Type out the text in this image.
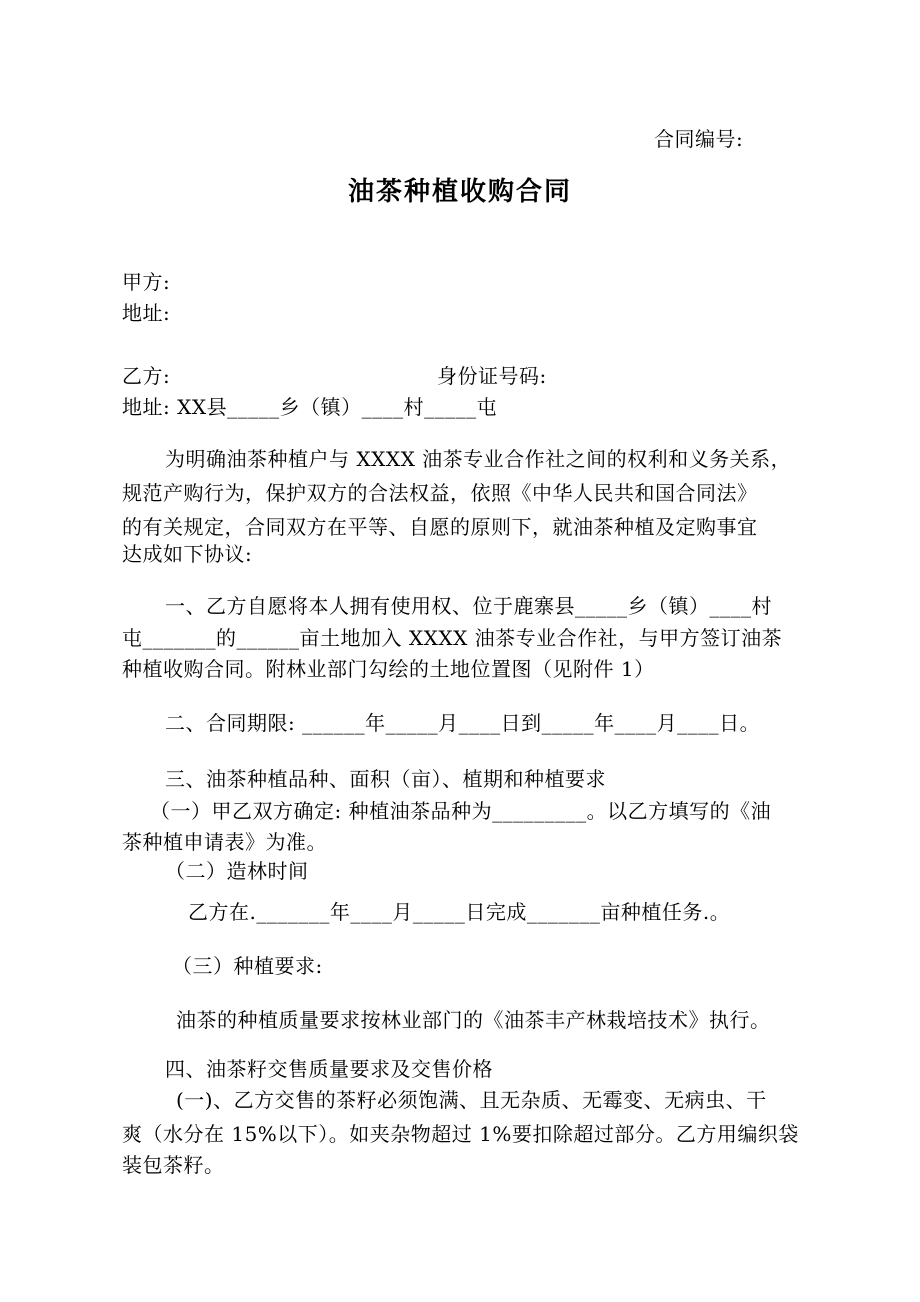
合同编号:
油茶种植收购合同
甲方:
地址:
乙方:	身份证号码:
地址: XX县_____乡（镇）____村_____屯
为明确油茶种植户与 XXXX 油茶专业合作社之间的权利和义务关系，
规范产购行为，保护双方的合法权益，依照《中华人民共和国合同法》
的有关规定，合同双方在平等、自愿的原则下，就油茶种植及定购事宜
达成如下协议:
一、乙方自愿将本人拥有使用权、位于鹿寨县_____乡（镇）____村
屯_______的______亩土地加入 XXXX 油茶专业合作社，与甲方签订油茶
种植收购合同。附林业部门勾绘的土地位置图（见附件 1）
二、合同期限: ______年_____月____日到_____年____月____日。
三、油茶种植品种、面积（亩）、植期和种植要求
（一）甲乙双方确定: 种植油茶品种为_________。以乙方填写的《油
茶种植申请表》为准。
（二）造林时间
乙方在._______年____月_____日完成_______亩种植任务.。
（三）种植要求:
油茶的种植质量要求按林业部门的《油茶丰产林栽培技术》执行。
四、油茶籽交售质量要求及交售价格
(一)、乙方交售的茶籽必须饱满、且无杂质、无霉变、无病虫、干
爽（水分在 15%以下）。如夹杂物超过 1%要扣除超过部分。乙方用编织袋
装包茶籽。
